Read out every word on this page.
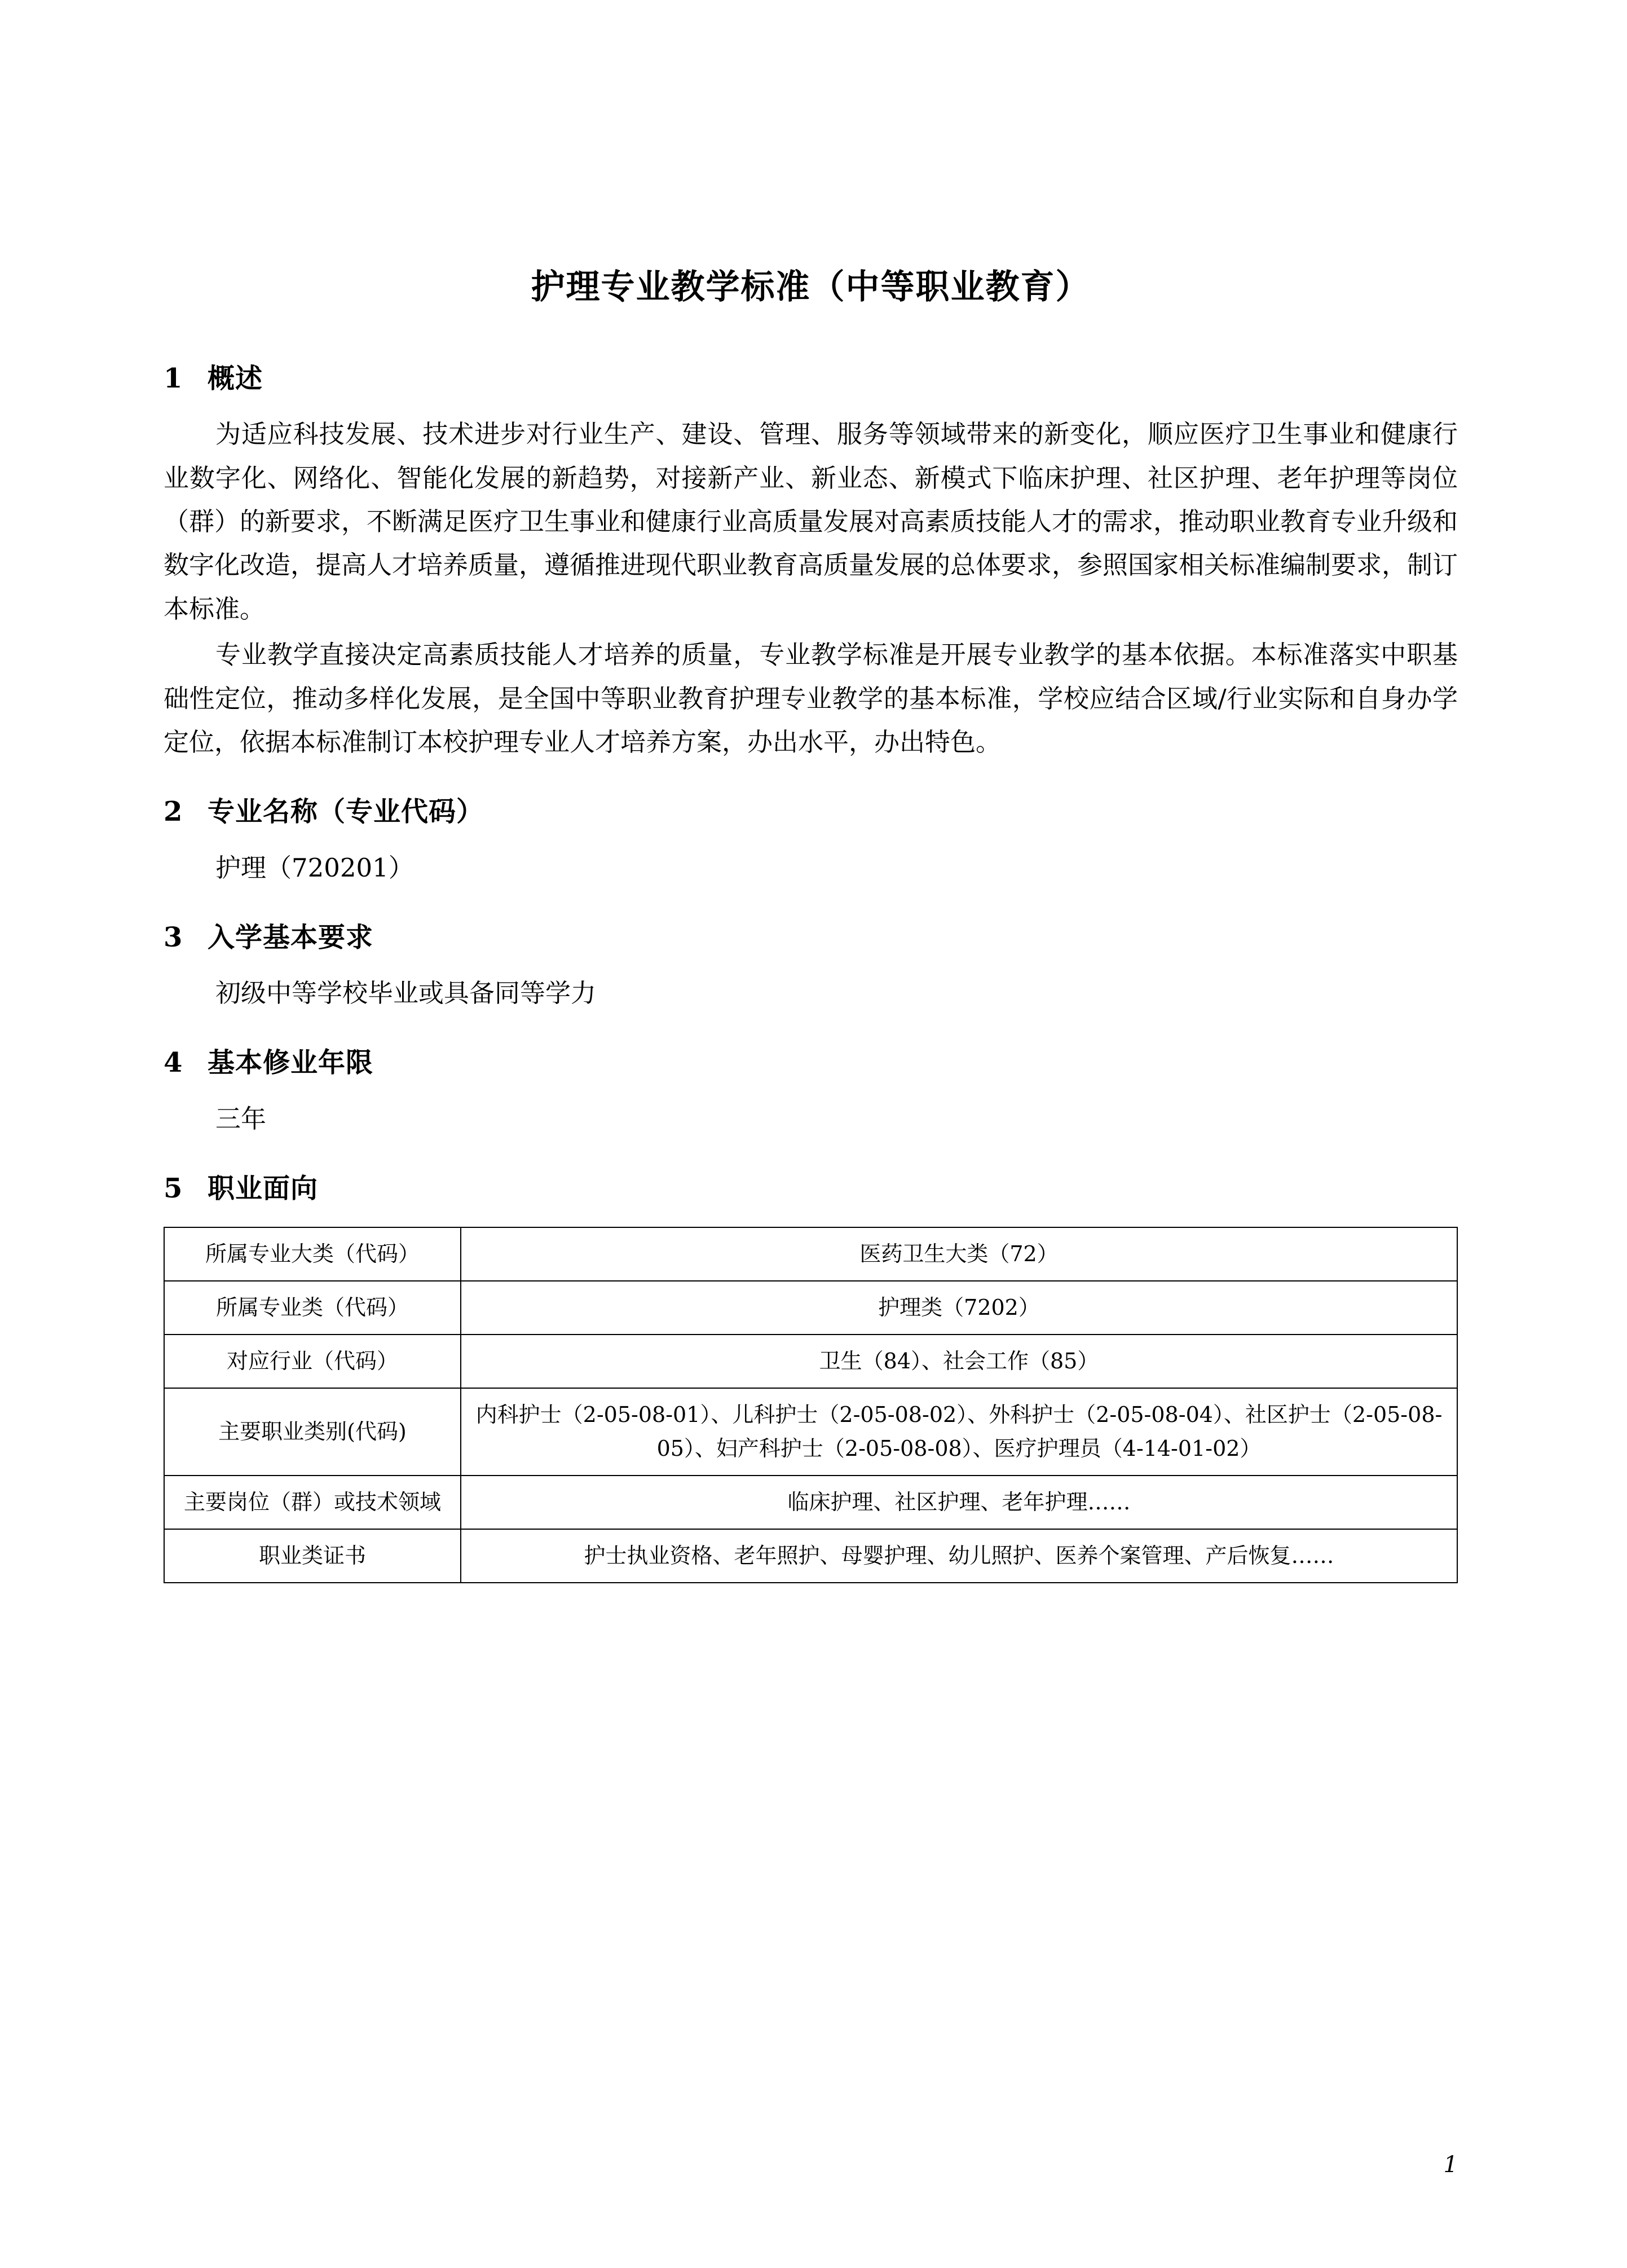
护理专业教学标准（中等职业教育）
1 概述

为适应科技发展、技术进步对行业生产、建设、管理、服务等领域带来的新变化，顺应医疗卫生事业和健康行业数字化、网络化、智能化发展的新趋势，对接新产业、新业态、新模式下临床护理、社区护理、老年护理等岗位（群）的新要求，不断满足医疗卫生事业和健康行业高质量发展对高素质技能人才的需求，推动职业教育专业升级和数字化改造，提高人才培养质量，遵循推进现代职业教育高质量发展的总体要求，参照国家相关标准编制要求，制订本标准。

专业教学直接决定高素质技能人才培养的质量，专业教学标准是开展专业教学的基本依据。本标准落实中职基础性定位，推动多样化发展，是全国中等职业教育护理专业教学的基本标准，学校应结合区域/行业实际和自身办学定位，依据本标准制订本校护理专业人才培养方案，办出水平，办出特色。

2 专业名称（专业代码）

护理（720201）

3 入学基本要求

初级中等学校毕业或具备同等学力

4 基本修业年限

三年

5 职业面向
所属专业大类（代码）	医药卫生大类（72）
所属专业类（代码）	护理类（7202）
对应行业（代码）	卫生（84）、社会工作（85）
主要职业类别(代码)	内科护士（2-05-08-01）、儿科护士（2-05-08-02）、外科护士（2-05-08-04）、社区护士（2-05-08-05）、妇产科护士（2-05-08-08）、医疗护理员（4-14-01-02）
主要岗位（群）或技术领域	临床护理、社区护理、老年护理……
职业类证书	护士执业资格、老年照护、母婴护理、幼儿照护、医养个案管理、产后恢复……
1
